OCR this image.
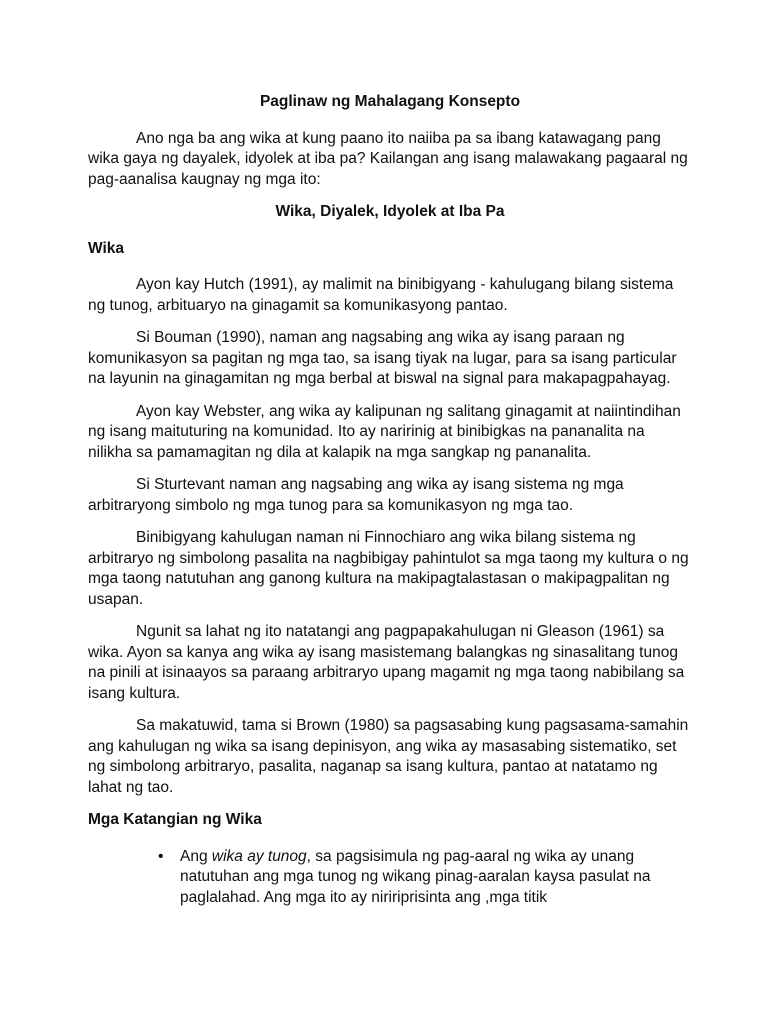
Paglinaw ng Mahalagang Konsepto

Ano nga ba ang wika at kung paano ito naiiba pa sa ibang katawagang pang wika gaya ng dayalek, idyolek at iba pa? Kailangan ang isang malawakang pagaaral ng pag-aanalisa kaugnay ng mga ito:

Wika, Diyalek, Idyolek at Iba Pa
Wika

Ayon kay Hutch (1991), ay malimit na binibigyang - kahulugang bilang sistema ng tunog, arbituaryo na ginagamit sa komunikasyong pantao.

Si Bouman (1990), naman ang nagsabing ang wika ay isang paraan ng komunikasyon sa pagitan ng mga tao, sa isang tiyak na lugar, para sa isang particular na layunin na ginagamitan ng mga berbal at biswal na signal para makapagpahayag.

Ayon kay Webster, ang wika ay kalipunan ng salitang ginagamit at naiintindihan ng isang maituturing na komunidad. Ito ay naririnig at binibigkas na pananalita na nilikha sa pamamagitan ng dila at kalapik na mga sangkap ng pananalita.

Si Sturtevant naman ang nagsabing ang wika ay isang sistema ng mga arbitraryong simbolo ng mga tunog para sa komunikasyon ng mga tao.

Binibigyang kahulugan naman ni Finnochiaro ang wika bilang sistema ng arbitraryo ng simbolong pasalita na nagbibigay pahintulot sa mga taong my kultura o ng mga taong natutuhan ang ganong kultura na makipagtalastasan o makipagpalitan ng usapan.

Ngunit sa lahat ng ito natatangi ang pagpapakahulugan ni Gleason (1961) sa wika. Ayon sa kanya ang wika ay isang masistemang balangkas ng sinasalitang tunog na pinili at isinaayos sa paraang arbitraryo upang magamit ng mga taong nabibilang sa isang kultura.

Sa makatuwid, tama si Brown (1980) sa pagsasabing kung pagsasama-samahin ang kahulugan ng wika sa isang depinisyon, ang wika ay masasabing sistematiko, set ng simbolong arbitraryo, pasalita, naganap sa isang kultura, pantao at natatamo ng lahat ng tao.

Mga Katangian ng Wika
• Ang wika ay tunog, sa pagsisimula ng pag-aaral ng wika ay unang natutuhan ang mga tunog ng wikang pinag-aaralan kaysa pasulat na paglalahad. Ang mga ito ay niririprisinta ang ,mga titik
